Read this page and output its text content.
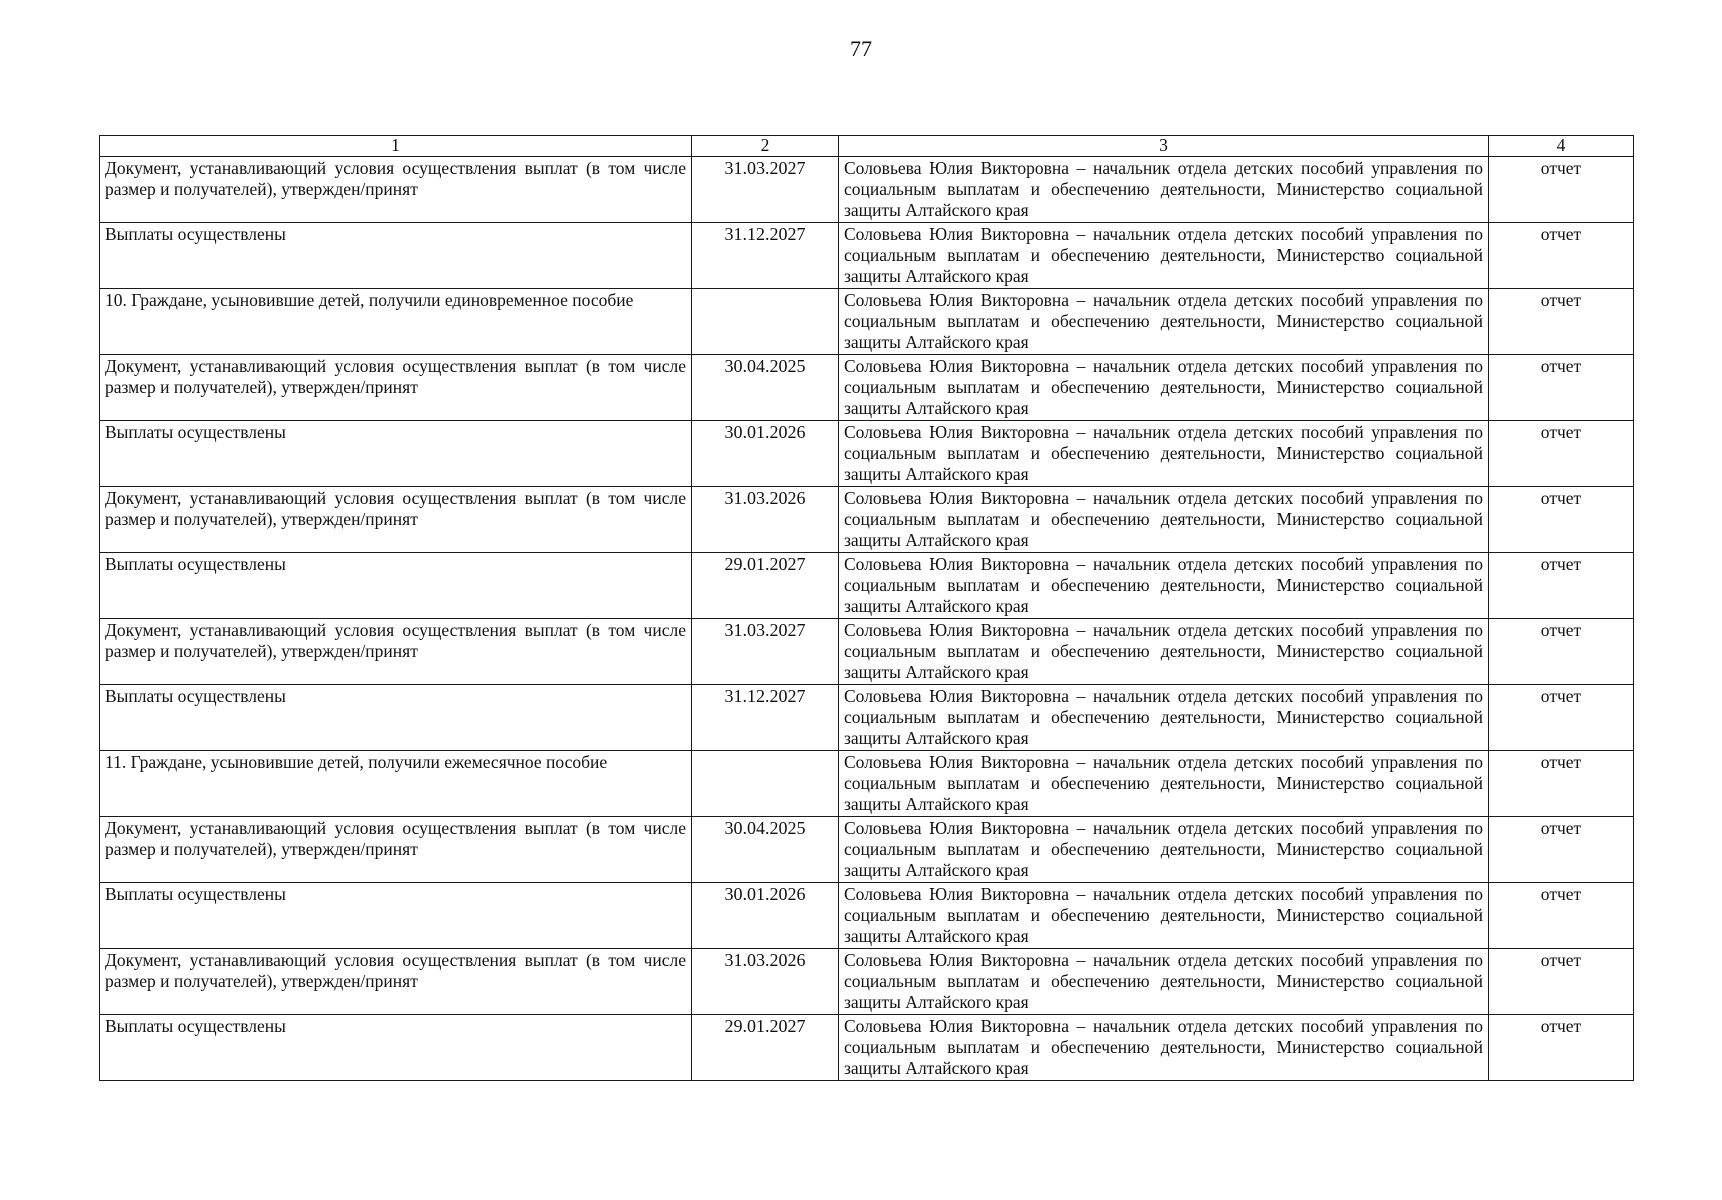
77
1	2	3	4
Документ, устанавливающий условия осуществления выплат (в том числе размер и получателей), утвержден/принят	31.03.2027	Соловьева Юлия Викторовна – начальник отдела детских пособий управления по социальным выплатам и обеспечению деятельности, Министерство социальной защиты Алтайского края	отчет
Выплаты осуществлены	31.12.2027	Соловьева Юлия Викторовна – начальник отдела детских пособий управления по социальным выплатам и обеспечению деятельности, Министерство социальной защиты Алтайского края	отчет
10. Граждане, усыновившие детей, получили единовременное пособие		Соловьева Юлия Викторовна – начальник отдела детских пособий управления по социальным выплатам и обеспечению деятельности, Министерство социальной защиты Алтайского края	отчет
Документ, устанавливающий условия осуществления выплат (в том числе размер и получателей), утвержден/принят	30.04.2025	Соловьева Юлия Викторовна – начальник отдела детских пособий управления по социальным выплатам и обеспечению деятельности, Министерство социальной защиты Алтайского края	отчет
Выплаты осуществлены	30.01.2026	Соловьева Юлия Викторовна – начальник отдела детских пособий управления по социальным выплатам и обеспечению деятельности, Министерство социальной защиты Алтайского края	отчет
Документ, устанавливающий условия осуществления выплат (в том числе размер и получателей), утвержден/принят	31.03.2026	Соловьева Юлия Викторовна – начальник отдела детских пособий управления по социальным выплатам и обеспечению деятельности, Министерство социальной защиты Алтайского края	отчет
Выплаты осуществлены	29.01.2027	Соловьева Юлия Викторовна – начальник отдела детских пособий управления по социальным выплатам и обеспечению деятельности, Министерство социальной защиты Алтайского края	отчет
Документ, устанавливающий условия осуществления выплат (в том числе размер и получателей), утвержден/принят	31.03.2027	Соловьева Юлия Викторовна – начальник отдела детских пособий управления по социальным выплатам и обеспечению деятельности, Министерство социальной защиты Алтайского края	отчет
Выплаты осуществлены	31.12.2027	Соловьева Юлия Викторовна – начальник отдела детских пособий управления по социальным выплатам и обеспечению деятельности, Министерство социальной защиты Алтайского края	отчет
11. Граждане, усыновившие детей, получили ежемесячное пособие		Соловьева Юлия Викторовна – начальник отдела детских пособий управления по социальным выплатам и обеспечению деятельности, Министерство социальной защиты Алтайского края	отчет
Документ, устанавливающий условия осуществления выплат (в том числе размер и получателей), утвержден/принят	30.04.2025	Соловьева Юлия Викторовна – начальник отдела детских пособий управления по социальным выплатам и обеспечению деятельности, Министерство социальной защиты Алтайского края	отчет
Выплаты осуществлены	30.01.2026	Соловьева Юлия Викторовна – начальник отдела детских пособий управления по социальным выплатам и обеспечению деятельности, Министерство социальной защиты Алтайского края	отчет
Документ, устанавливающий условия осуществления выплат (в том числе размер и получателей), утвержден/принят	31.03.2026	Соловьева Юлия Викторовна – начальник отдела детских пособий управления по социальным выплатам и обеспечению деятельности, Министерство социальной защиты Алтайского края	отчет
Выплаты осуществлены	29.01.2027	Соловьева Юлия Викторовна – начальник отдела детских пособий управления по социальным выплатам и обеспечению деятельности, Министерство социальной защиты Алтайского края	отчет
